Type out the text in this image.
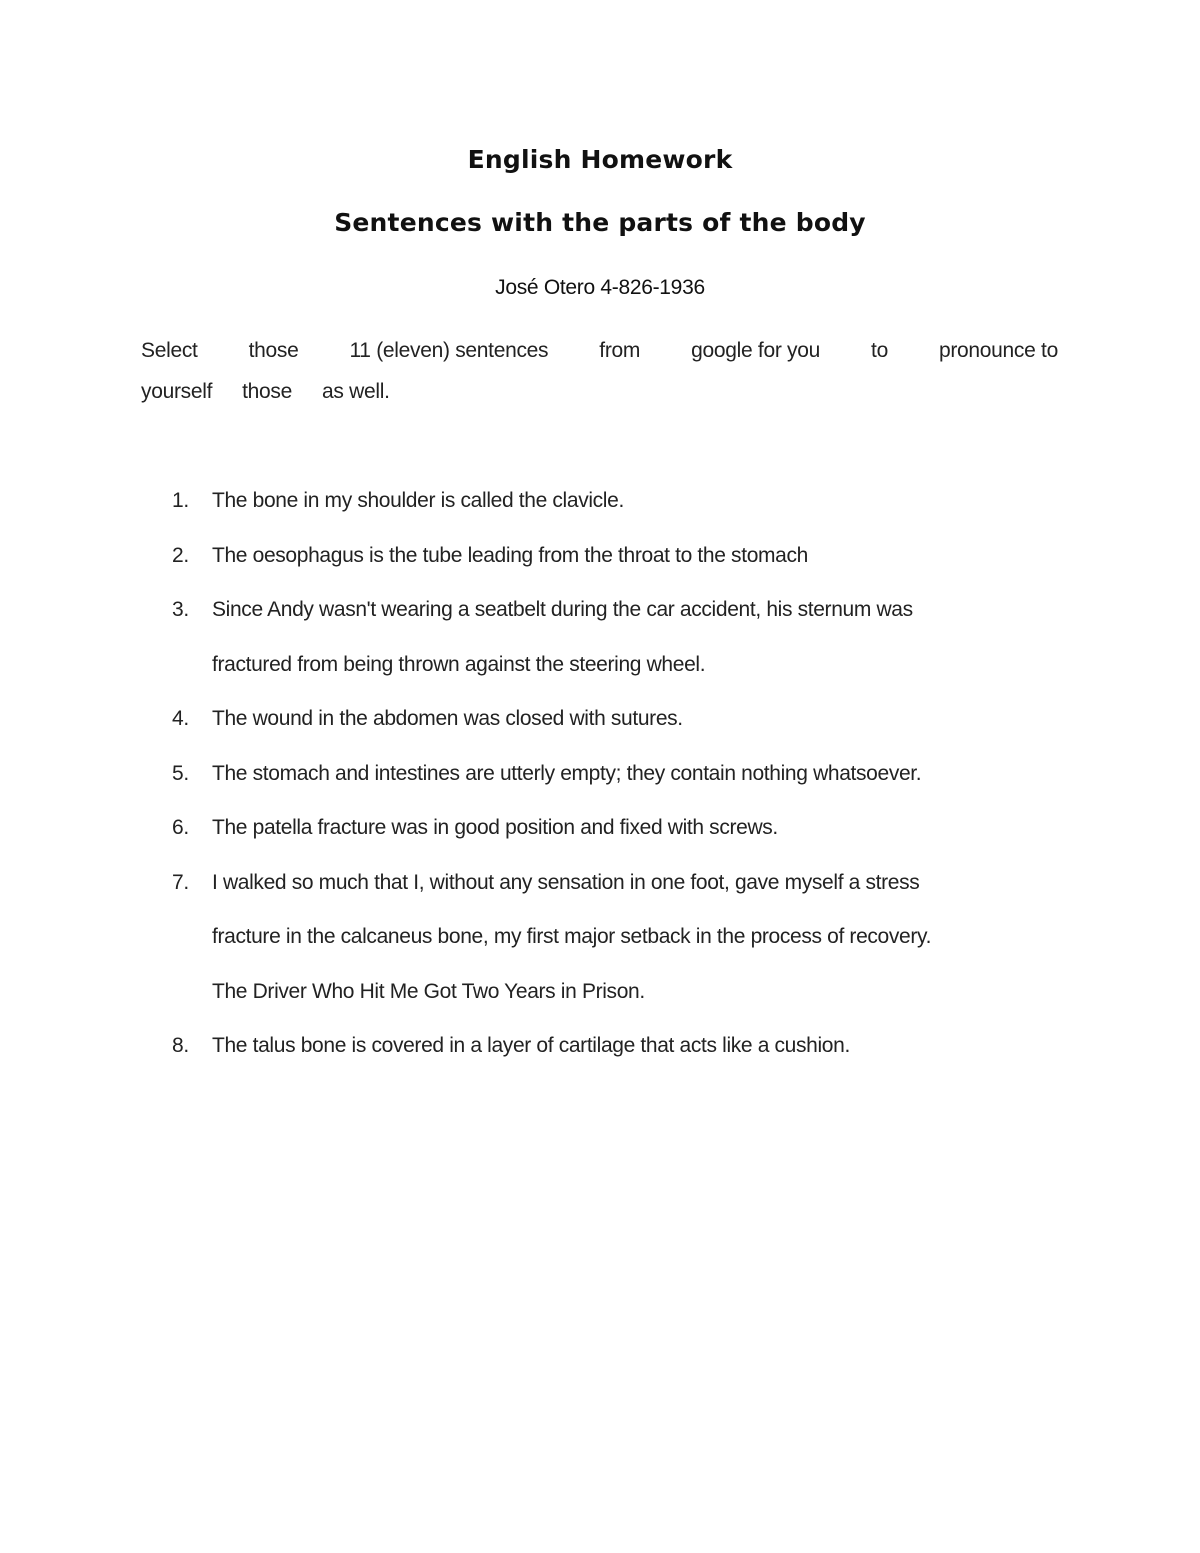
English Homework
Sentences with the parts of the body
José Otero 4-826-1936
Select those 11 (eleven) sentences from google for you to pronounce to
yourself those as well.
1. The bone in my shoulder is called the clavicle.
2. The oesophagus is the tube leading from the throat to the stomach
3. Since Andy wasn't wearing a seatbelt during the car accident, his sternum was
fractured from being thrown against the steering wheel.
4. The wound in the abdomen was closed with sutures.
5. The stomach and intestines are utterly empty; they contain nothing whatsoever.
6. The patella fracture was in good position and fixed with screws.
7. I walked so much that I, without any sensation in one foot, gave myself a stress
fracture in the calcaneus bone, my first major setback in the process of recovery.
The Driver Who Hit Me Got Two Years in Prison.
8. The talus bone is covered in a layer of cartilage that acts like a cushion.
